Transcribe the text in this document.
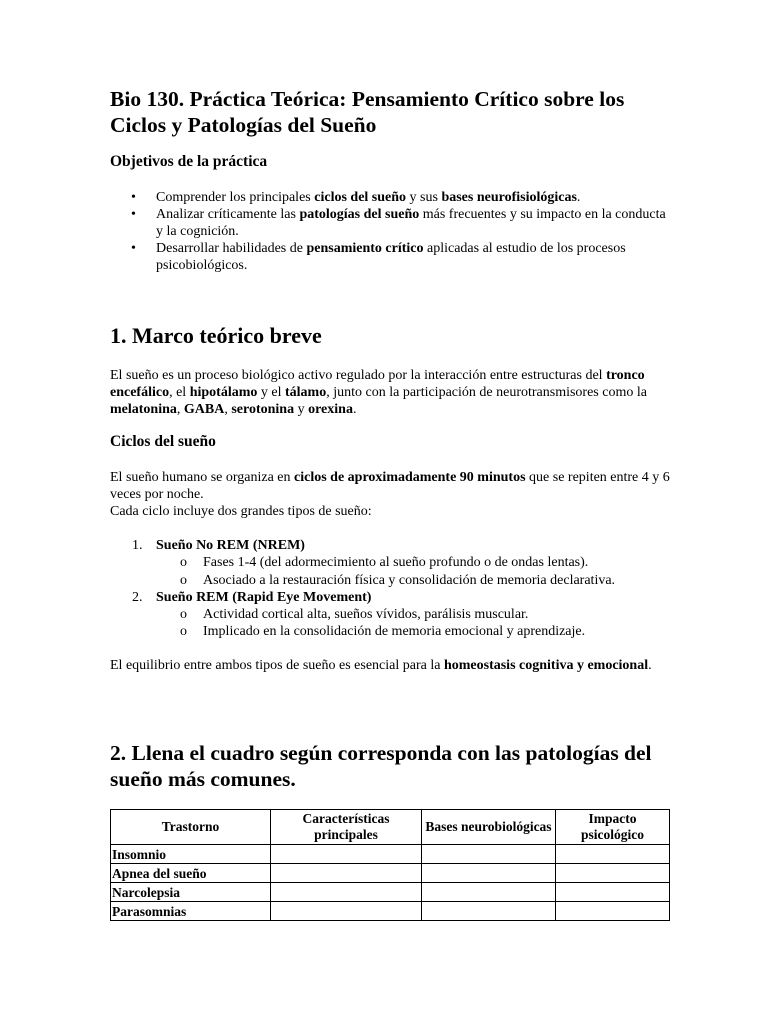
Bio 130. Práctica Teórica: Pensamiento Crítico sobre los Ciclos y Patologías del Sueño
Objetivos de la práctica
• Comprender los principales ciclos del sueño y sus bases neurofisiológicas.
• Analizar críticamente las patologías del sueño más frecuentes y su impacto en la conducta y la cognición.
• Desarrollar habilidades de pensamiento crítico aplicadas al estudio de los procesos psicobiológicos.
1. Marco teórico breve

El sueño es un proceso biológico activo regulado por la interacción entre estructuras del tronco encefálico, el hipotálamo y el tálamo, junto con la participación de neurotransmisores como la melatonina, GABA, serotonina y orexina.

Ciclos del sueño

El sueño humano se organiza en ciclos de aproximadamente 90 minutos que se repiten entre 4 y 6 veces por noche.
Cada ciclo incluye dos grandes tipos de sueño:

1. Sueño No REM (NREM)
o Fases 1-4 (del adormecimiento al sueño profundo o de ondas lentas).
o Asociado a la restauración física y consolidación de memoria declarativa.
2. Sueño REM (Rapid Eye Movement)
o Actividad cortical alta, sueños vívidos, parálisis muscular.
o Implicado en la consolidación de memoria emocional y aprendizaje.

El equilibrio entre ambos tipos de sueño es esencial para la homeostasis cognitiva y emocional.

2. Llena el cuadro según corresponda con las patologías del sueño más comunes.
Trastorno	Características principales	Bases neurobiológicas	Impacto psicológico
Insomnio			
Apnea del sueño			
Narcolepsia			
Parasomnias			
